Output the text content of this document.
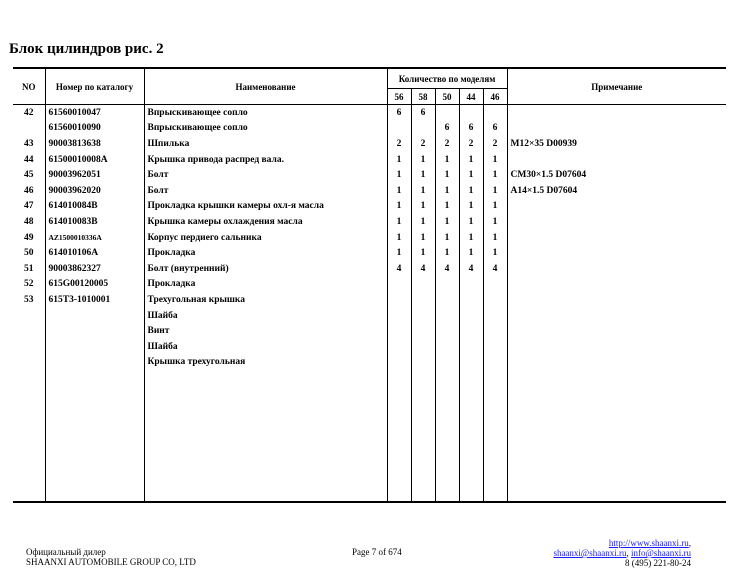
Блок цилиндров рис. 2
NO	Номер по каталогу	Наименование	Количество по моделям					Примечание
			56	58	50	44	46	
42	61560010047	Впрыскивающее сопло	6	6				
	61560010090	Впрыскивающее сопло			6	6	6	
43	90003813638	Шпилька	2	2	2	2	2	M12×35 D00939
44	61500010008A	Крышка привода распред вала.	1	1	1	1	1	
45	90003962051	Болт	1	1	1	1	1	CM30×1.5 D07604
46	90003962020	Болт	1	1	1	1	1	A14×1.5 D07604
47	614010084B	Прокладка крышки камеры охл-я масла	1	1	1	1	1	
48	614010083B	Крышка камеры охлаждения масла	1	1	1	1	1	
49	AZ1500010336A	Корпус пердиего сальника	1	1	1	1	1	
50	614010106A	Прокладка	1	1	1	1	1	
51	90003862327	Болт (внутренний)	4	4	4	4	4	
52	615G00120005	Прокладка						
53	615T3-1010001	Трехугольная крышка						
		Шайба						
		Винт						
		Шайба						
		Крышка трехугольная						

Официальный дилер
SHAANXI AUTOMOBILE GROUP CO, LTD
Page 7 of 674
http://www.shaanxi.ru,
shaanxi@shaanxi.ru, info@shaanxi.ru
8 (495) 221-80-24
